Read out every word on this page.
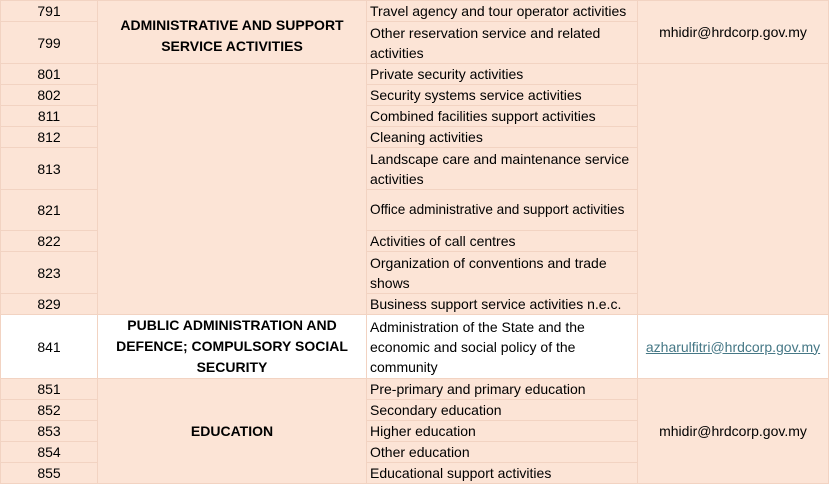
791	ADMINISTRATIVE AND SUPPORT SERVICE ACTIVITIES	Travel agency and tour operator activities	mhidir@hrdcorp.gov.my
799		Other reservation service and related activities	
801		Private security activities	
802		Security systems service activities	
811		Combined facilities support activities	
812		Cleaning activities	
813		Landscape care and maintenance service activities	
821		Office administrative and support activities	
822		Activities of call centres	
823		Organization of conventions and trade shows	
829		Business support service activities n.e.c.	
841	PUBLIC ADMINISTRATION AND DEFENCE; COMPULSORY SOCIAL SECURITY	Administration of the State and the economic and social policy of the community	azharulfitri@hrdcorp.gov.my
851	EDUCATION	Pre-primary and primary education	mhidir@hrdcorp.gov.my
852		Secondary education	
853		Higher education	
854		Other education	
855		Educational support activities	
